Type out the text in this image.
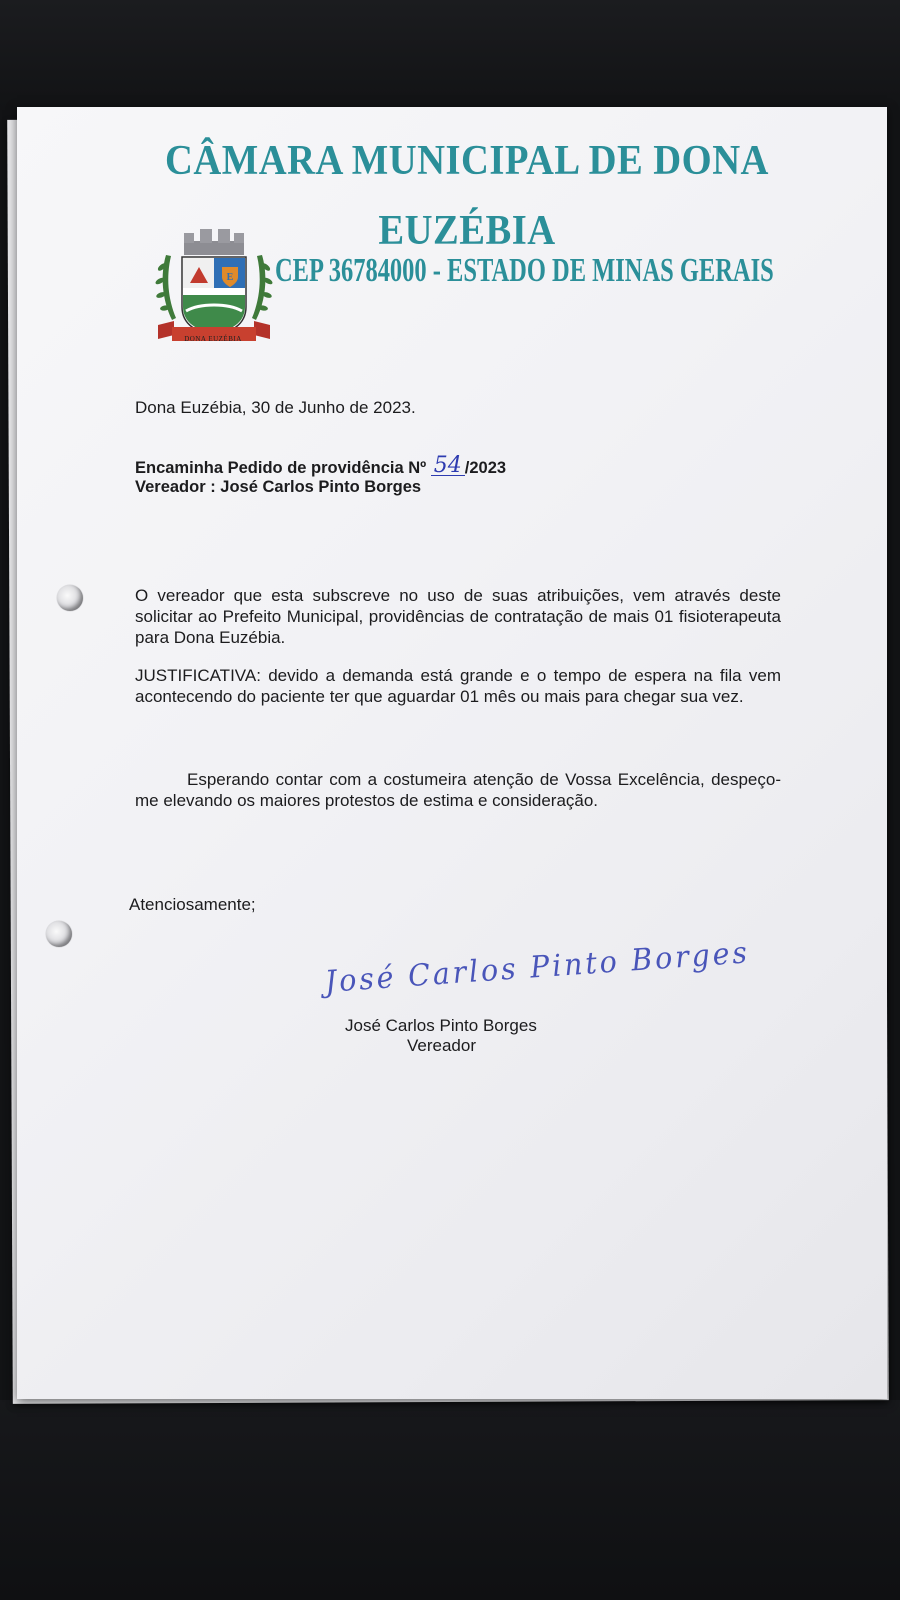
CÂMARA MUNICIPAL DE DONA
EUZÉBIA
E
DONA EUZÉBIA
CEP 36784000 - ESTADO DE MINAS GERAIS
Dona Euzébia, 30 de Junho de 2023.
Encaminha Pedido de providência Nº 54 /2023
Vereador : José Carlos Pinto Borges
O vereador que esta subscreve no uso de suas atribuições, vem através deste solicitar ao Prefeito Municipal, providências de contratação de mais 01 fisioterapeuta para Dona Euzébia.
JUSTIFICATIVA: devido a demanda está grande e o tempo de espera na fila vem acontecendo do paciente ter que aguardar 01 mês ou mais para chegar sua vez.
Esperando contar com a costumeira atenção de Vossa Excelência, despeço-me elevando os maiores protestos de estima e consideração.
Atenciosamente;
José Carlos Pinto Borges
José Carlos Pinto Borges
Vereador
